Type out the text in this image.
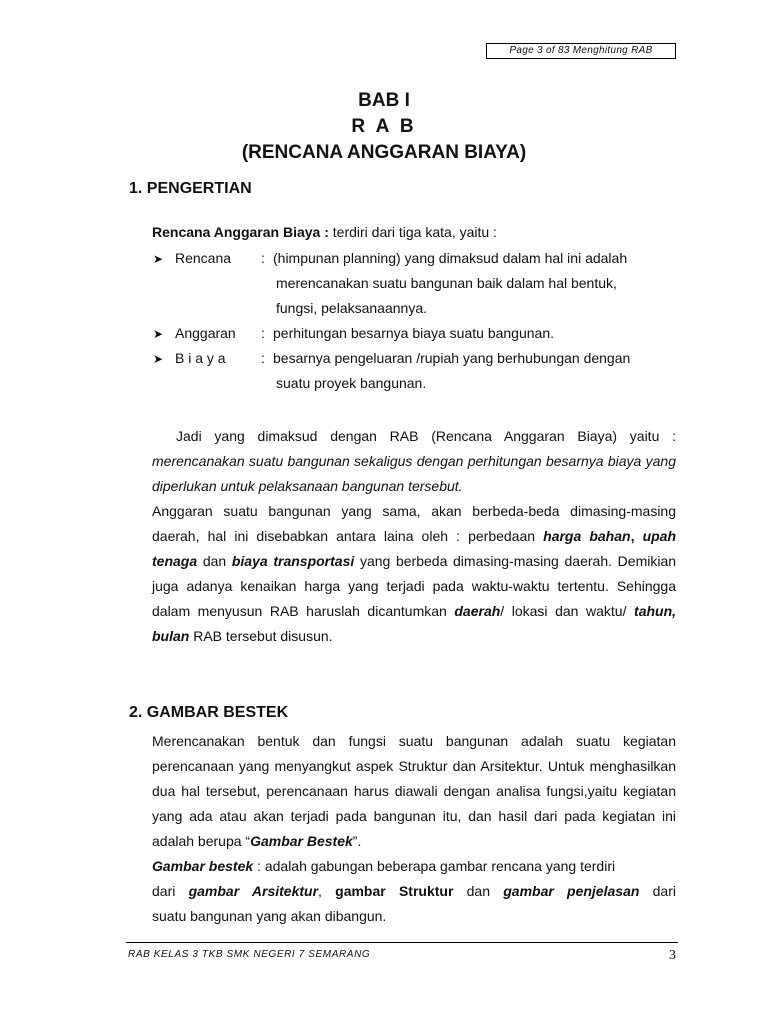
Page 3 of 83 Menghitung RAB
BAB I
R A B
(RENCANA ANGGARAN BIAYA)
1. PENGERTIAN
Rencana Anggaran Biaya : terdiri dari tiga kata, yaitu :
➤ Rencana : (himpunan planning) yang dimaksud dalam hal ini adalah
merencanakan suatu bangunan baik dalam hal bentuk,
fungsi, pelaksanaannya.
➤ Anggaran : perhitungan besarnya biaya suatu bangunan.
➤ B i a y a	: besarnya pengeluaran /rupiah yang berhubungan dengan
suatu proyek bangunan.

Jadi yang dimaksud dengan RAB (Rencana Anggaran Biaya) yaitu : merencanakan suatu bangunan sekaligus dengan perhitungan besarnya biaya yang diperlukan untuk pelaksanaan bangunan tersebut.

Anggaran suatu bangunan yang sama, akan berbeda-beda dimasing-masing daerah, hal ini disebabkan antara laina oleh : perbedaan harga bahan, upah tenaga dan biaya transportasi yang berbeda dimasing-masing daerah. Demikian juga adanya kenaikan harga yang terjadi pada waktu-waktu tertentu. Sehingga dalam menyusun RAB haruslah dicantumkan daerah/ lokasi dan waktu/ tahun, bulan RAB tersebut disusun.

2. GAMBAR BESTEK

Merencanakan bentuk dan fungsi suatu bangunan adalah suatu kegiatan perencanaan yang menyangkut aspek Struktur dan Arsitektur. Untuk menghasilkan dua hal tersebut, perencanaan harus diawali dengan analisa fungsi,yaitu kegiatan yang ada atau akan terjadi pada bangunan itu, dan hasil dari pada kegiatan ini adalah berupa “Gambar Bestek”.

Gambar bestek : adalah gabungan beberapa gambar rencana yang terdiri

dari gambar Arsitektur, gambar Struktur dan gambar penjelasan dari
suatu bangunan yang akan dibangun.
RAB KELAS 3 TKB SMK NEGERI 7 SEMARANG	3
